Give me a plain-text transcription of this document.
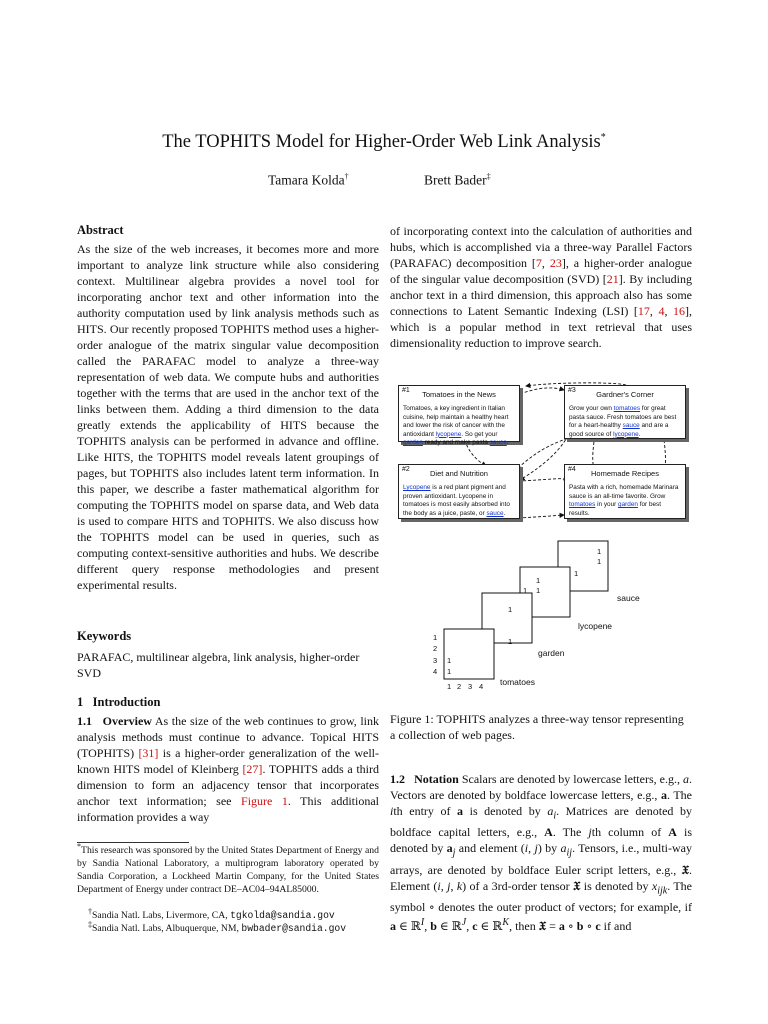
The TOPHITS Model for Higher-Order Web Link Analysis*
Tamara Kolda†	Brett Bader‡
Abstract
As the size of the web increases, it becomes more and more important to analyze link structure while also considering context. Multilinear algebra provides a novel tool for incorporating anchor text and other information into the authority computation used by link analysis methods such as HITS. Our recently proposed TOPHITS method uses a higher-order analogue of the matrix singular value decomposition called the PARAFAC model to analyze a three-way representation of web data. We compute hubs and authorities together with the terms that are used in the anchor text of the links between them. Adding a third dimension to the data greatly extends the applicability of HITS because the TOPHITS analysis can be performed in advance and offline. Like HITS, the TOPHITS model reveals latent groupings of pages, but TOPHITS also includes latent term information. In this paper, we describe a faster mathematical algorithm for computing the TOPHITS model on sparse data, and Web data is used to compare HITS and TOPHITS. We also discuss how the TOPHITS model can be used in queries, such as computing context-sensitive authorities and hubs. We describe different query response methodologies and present experimental results.
Keywords
PARAFAC, multilinear algebra, link analysis, higher-order SVD
1 Introduction
1.1 Overview As the size of the web continues to grow, link analysis methods must continue to advance. Topical HITS (TOPHITS) [31] is a higher-order generalization of the well-known HITS model of Kleinberg [27]. TOPHITS adds a third dimension to form an adjacency tensor that incorporates anchor text information; see Figure 1. This additional information provides a way
*This research was sponsored by the United States Department of Energy and by Sandia National Laboratory, a multiprogram laboratory operated by Sandia Corporation, a Lockheed Martin Company, for the United States Department of Energy under contract DE–AC04–94AL85000.
†Sandia Natl. Labs, Livermore, CA, tgkolda@sandia.gov
‡Sandia Natl. Labs, Albuquerque, NM, bwbader@sandia.gov
of incorporating context into the calculation of authorities and hubs, which is accomplished via a three-way Parallel Factors (PARAFAC) decomposition [7, 23], a higher-order analogue of the singular value decomposition (SVD) [21]. By including anchor text in a third dimension, this approach also has some connections to Latent Semantic Indexing (LSI) [17, 4, 16], which is a popular method in text retrieval that uses dimensionality reduction to improve search.
#1	Tomatoes in the News
Tomatoes, a key ingredient in Italian cuisine, help maintain a healthy heart and lower the risk of cancer with the antioxidant lycopene. So get your garden ready and make pasta sauce.
#3	Gardner's Corner
Grow your own tomatoes for great pasta sauce. Fresh tomatoes are best for a heart-healthy sauce and are a good source of lycopene.
#2	Diet and Nutrition
Lycopene is a red plant pigment and proven antioxidant. Lycopene in tomatoes is most easily absorbed into the body as a juice, paste, or sauce.
#4	Homemade Recipes
Pasta with a rich, homemade Marinara sauce is an all-time favorite. Grow tomatoes in your garden for best results.
1
1
1
1
1 1
1
1
1
1
1
2
3
4
1 2 3 4 tomatoes
garden
lycopene
sauce
Figure 1: TOPHITS analyzes a three-way tensor representing a collection of web pages.
1.2 Notation Scalars are denoted by lowercase letters, e.g., a. Vectors are denoted by boldface lowercase letters, e.g., a. The ith entry of a is denoted by $a_i$. Matrices are denoted by boldface capital letters, e.g., A. The jth column of A is denoted by $a_j$ and element (i, j) by $a_{ij}$. Tensors, i.e., multi-way arrays, are denoted by boldface Euler script letters, e.g., 𝔛. Element (i, j, k) of a 3rd-order tensor 𝔛 is denoted by $x_{ijk}$. The symbol ∘ denotes the outer product of vectors; for example, if a ∈ ℝ$^I$, b ∈ ℝ$^J$, c ∈ ℝ$^K$, then 𝔛 = a ∘ b ∘ c if and
